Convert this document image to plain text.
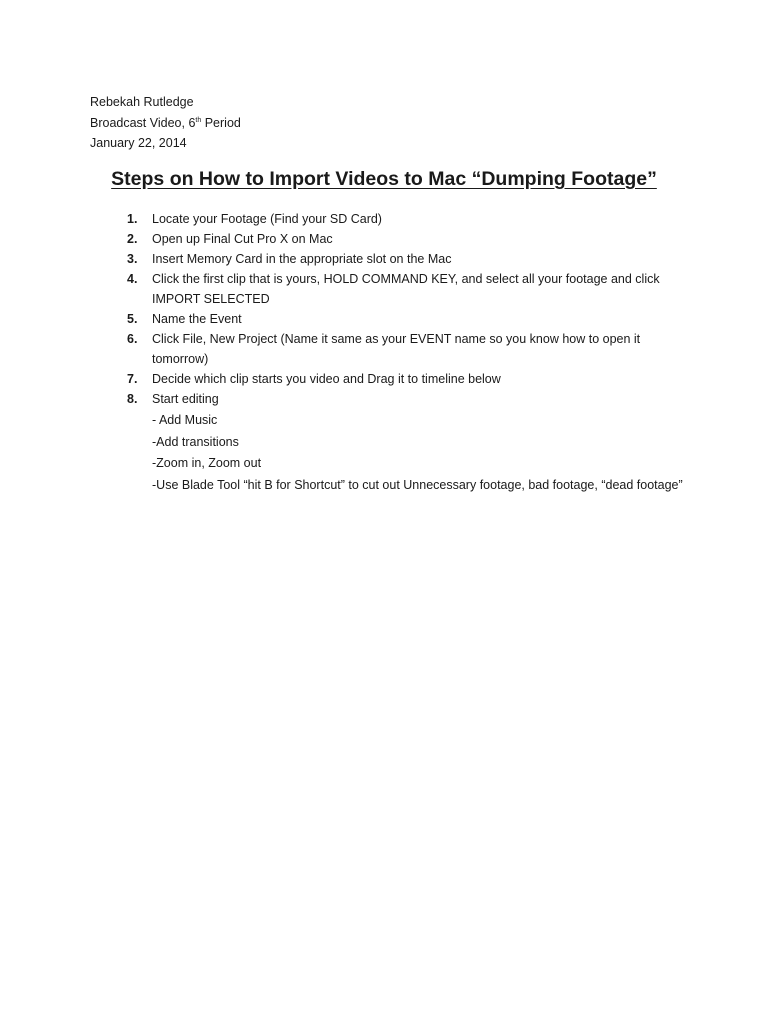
Rebekah Rutledge
Broadcast Video, 6th Period
January 22, 2014
Steps on How to Import Videos to Mac “Dumping Footage”
1. Locate your Footage (Find your SD Card)
2. Open up Final Cut Pro X on Mac
3. Insert Memory Card in the appropriate slot on the Mac
4. Click the first clip that is yours, HOLD COMMAND KEY, and select all your footage and click IMPORT SELECTED
5. Name the Event
6. Click File, New Project (Name it same as your EVENT name so you know how to open it tomorrow)
7. Decide which clip starts you video and Drag it to timeline below
8. Start editing
- Add Music
-Add transitions
-Zoom in, Zoom out
-Use Blade Tool “hit B for Shortcut” to cut out Unnecessary footage, bad footage, “dead footage”
